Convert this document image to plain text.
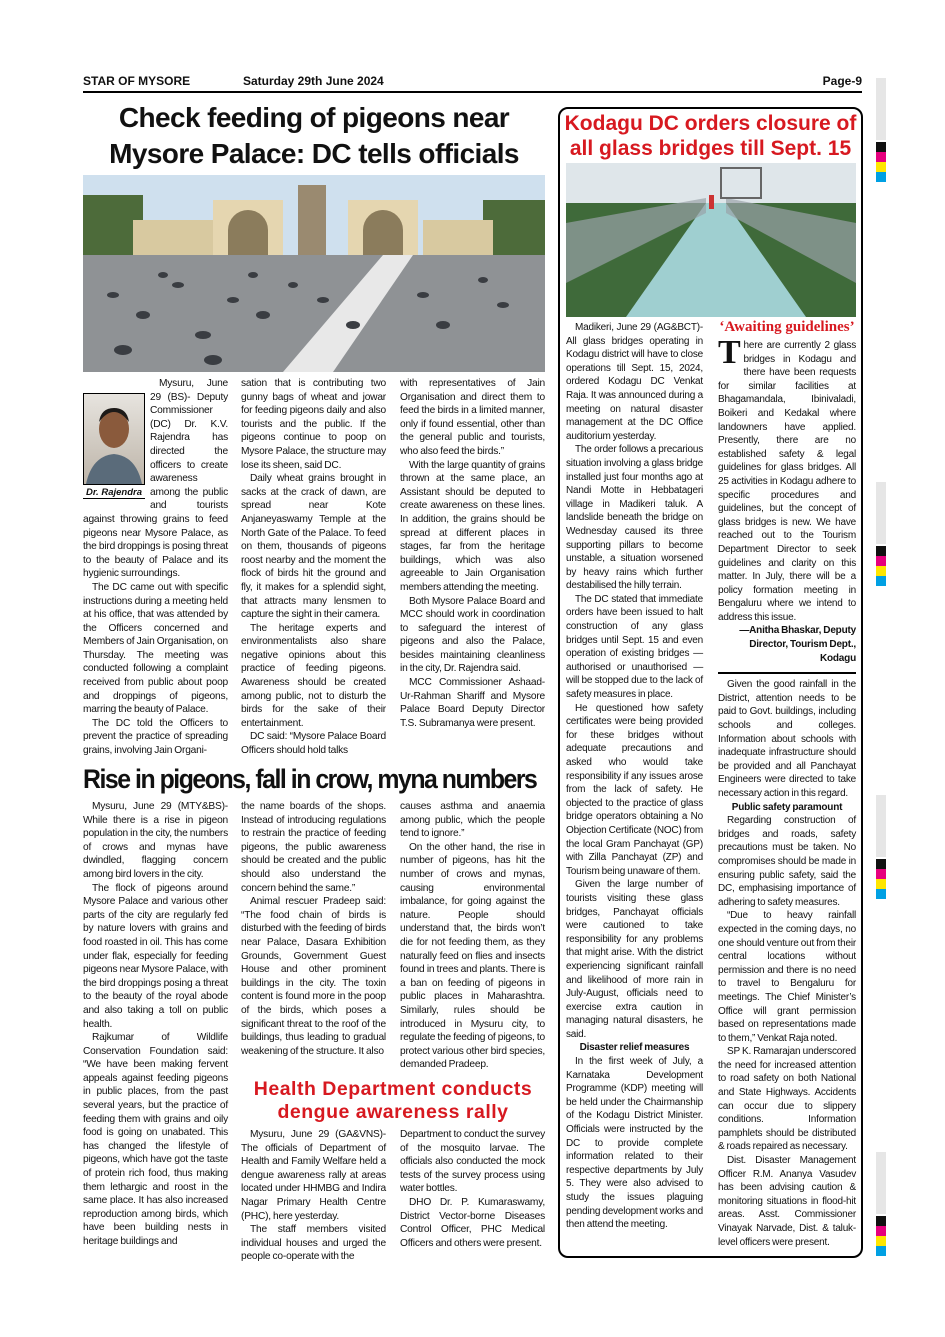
STAR OF MYSORE	Saturday 29th June 2024	Page-9
Check feeding of pigeons near
Mysore Palace: DC tells officials
Dr. Rajendra

Mysuru, June 29 (BS)- Deputy Commissioner (DC) Dr. K.V. Rajendra has directed the officers to create awareness among the public and tourists against throwing grains to feed pigeons near Mysore Palace, as the bird droppings is posing threat to the beauty of Palace and its hygienic surroundings.

The DC came out with specific instructions during a meeting held at his office, that was attended by the Officers concerned and Members of Jain Organisation, on Thursday. The meeting was conducted following a complaint received from public about poop and droppings of pigeons, marring the beauty of Palace.

The DC told the Officers to prevent the practice of spreading grains, involving Jain Organi-

sation that is contributing two gunny bags of wheat and jowar for feeding pigeons daily and also tourists and the public. If the pigeons continue to poop on Mysore Palace, the structure may lose its sheen, said DC.

Daily wheat grains brought in sacks at the crack of dawn, are spread near Kote Anjaneyaswamy Temple at the North Gate of the Palace. To feed on them, thousands of pigeons roost nearby and the moment the flock of birds hit the ground and fly, it makes for a splendid sight, that attracts many lensmen to capture the sight in their camera.

The heritage experts and environmentalists also share negative opinions about this practice of feeding pigeons. Awareness should be created among public, not to disturb the birds for the sake of their entertainment.

DC said: “Mysore Palace Board Officers should hold talks

with representatives of Jain Organisation and direct them to feed the birds in a limited manner, only if found essential, other than the general public and tourists, who also feed the birds.”

With the large quantity of grains thrown at the same place, an Assistant should be deputed to create awareness on these lines. In addition, the grains should be spread at different places in stages, far from the heritage buildings, which was also agreeable to Jain Organisation members attending the meeting.

Both Mysore Palace Board and MCC should work in coordination to safeguard the interest of pigeons and also the Palace, besides maintaining cleanliness in the city, Dr. Rajendra said.

MCC Commissioner Ashaad-Ur-Rahman Shariff and Mysore Palace Board Deputy Director T.S. Subramanya were present.

Rise in pigeons, fall in crow, myna numbers

Mysuru, June 29 (MTY&BS)- While there is a rise in pigeon population in the city, the numbers of crows and mynas have dwindled, flagging concern among bird lovers in the city.

The flock of pigeons around Mysore Palace and various other parts of the city are regularly fed by nature lovers with grains and food roasted in oil. This has come under flak, especially for feeding pigeons near Mysore Palace, with the bird droppings posing a threat to the beauty of the royal abode and also taking a toll on public health.

Rajkumar of Wildlife Conservation Foundation said: “We have been making fervent appeals against feeding pigeons in public places, from the past several years, but the practice of feeding them with grains and oily food is going on unabated. This has changed the lifestyle of pigeons, which have got the taste of protein rich food, thus making them lethargic and roost in the same place. It has also increased reproduction among birds, which have been building nests in heritage buildings and

the name boards of the shops. Instead of introducing regulations to restrain the practice of feeding pigeons, the public awareness should be created and the public should also understand the concern behind the same.”

Animal rescuer Pradeep said: “The food chain of birds is disturbed with the feeding of birds near Palace, Dasara Exhibition Grounds, Government Guest House and other prominent buildings in the city. The toxin content is found more in the poop of the birds, which poses a significant threat to the roof of the buildings, thus leading to gradual weakening of the structure. It also

causes asthma and anaemia among public, which the people tend to ignore.”

On the other hand, the rise in number of pigeons, has hit the number of crows and mynas, causing environmental imbalance, for going against the nature. People should understand that, the birds won’t die for not feeding them, as they naturally feed on flies and insects found in trees and plants. There is a ban on feeding of pigeons in public places in Maharashtra. Similarly, rules should be introduced in Mysuru city, to regulate the feeding of pigeons, to protect various other bird species, demanded Pradeep.

Health Department conducts
dengue awareness rally

Mysuru, June 29 (GA&VNS)- The officials of Department of Health and Family Welfare held a dengue awareness rally at areas located under HHMBG and Indira Nagar Primary Health Centre (PHC), here yesterday.

The staff members visited individual houses and urged the people co-operate with the

Department to conduct the survey of the mosquito larvae. The officials also conducted the mock tests of the survey process using water bottles.

DHO Dr. P. Kumaraswamy, District Vector-borne Diseases Control Officer, PHC Medical Officers and others were present.

Kodagu DC orders closure of
all glass bridges till Sept. 15

Madikeri, June 29 (AG&BCT)- All glass bridges operating in Kodagu district will have to close operations till Sept. 15, 2024, ordered Kodagu DC Venkat Raja. It was announced during a meeting on natural disaster management at the DC Office auditorium yesterday.

The order follows a precarious situation involving a glass bridge installed just four months ago at Nandi Motte in Hebbatageri village in Madikeri taluk. A landslide beneath the bridge on Wednesday caused its three supporting pillars to become unstable, a situation worsened by heavy rains which further destabilised the hilly terrain.

The DC stated that immediate orders have been issued to halt construction of any glass bridges until Sept. 15 and even operation of existing bridges — authorised or unauthorised — will be stopped due to the lack of safety measures in place.

He questioned how safety certificates were being provided for these bridges without adequate precautions and asked who would take responsibility if any issues arose from the lack of safety. He objected to the practice of glass bridge operators obtaining a No Objection Certificate (NOC) from the local Gram Panchayat (GP) with Zilla Panchayat (ZP) and Tourism being unaware of them.

Given the large number of tourists visiting these glass bridges, Panchayat officials were cautioned to take responsibility for any problems that might arise. With the district experiencing significant rainfall and likelihood of more rain in July-August, officials need to exercise extra caution in managing natural disasters, he said.

Disaster relief measures

In the first week of July, a Karnataka Development Programme (KDP) meeting will be held under the Chairmanship of the Kodagu District Minister. Officials were instructed by the DC to provide complete information related to their respective departments by July 5. They were also advised to study the issues plaguing pending development works and then attend the meeting.

‘Awaiting guidelines’

There are currently 2 glass bridges in Kodagu and there have been requests for similar facilities at Bhagamandala, Ibinivaladi, Boikeri and Kedakal where landowners have applied. Presently, there are no established safety & legal guidelines for glass bridges. All 25 activities in Kodagu adhere to specific procedures and guidelines, but the concept of glass bridges is new. We have reached out to the Tourism Department Director to seek guidelines and clarity on this matter. In July, there will be a policy formation meeting in Bengaluru where we intend to address this issue.

—Anitha Bhaskar, Deputy Director, Tourism Dept., Kodagu

Given the good rainfall in the District, attention needs to be paid to Govt. buildings, including schools and colleges. Information about schools with inadequate infrastructure should be provided and all Panchayat Engineers were directed to take necessary action in this regard.

Public safety paramount

Regarding construction of bridges and roads, safety precautions must be taken. No compromises should be made in ensuring public safety, said the DC, emphasising importance of adhering to safety measures.

“Due to heavy rainfall expected in the coming days, no one should venture out from their central locations without permission and there is no need to travel to Bengaluru for meetings. The Chief Minister’s Office will grant permission based on representations made to them,” Venkat Raja noted.

SP K. Ramarajan underscored the need for increased attention to road safety on both National and State Highways. Accidents can occur due to slippery conditions. Information pamphlets should be distributed & roads repaired as necessary.

Dist. Disaster Management Officer R.M. Ananya Vasudev has been advising caution & monitoring situations in flood-hit areas. Asst. Commissioner Vinayak Narvade, Dist. & taluk-level officers were present.
